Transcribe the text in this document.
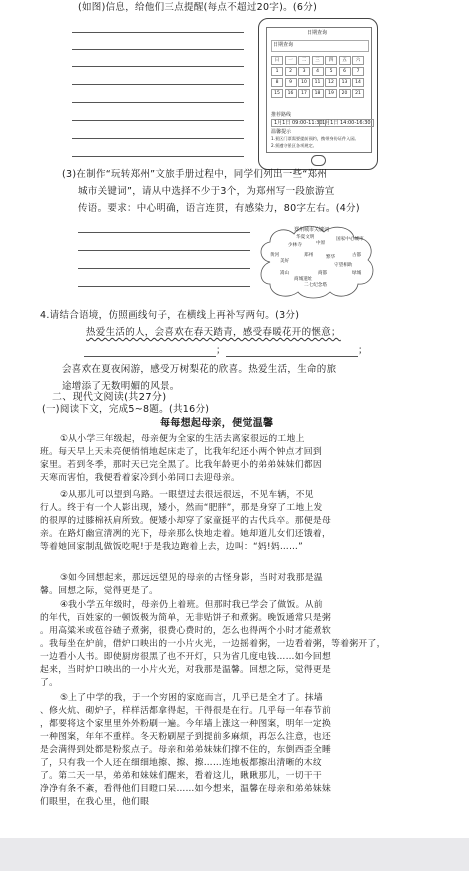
(如图)信息，给他们三点提醒(每点不超过20字)。(6分)
日期查询
日期查询
日	一	二	三	四	五	六
1	2	3	4	5	6	7
8	9	10	11	12	13	14
15	16	17	18	19	20	21
推荐路线
1月1日 09:00-11:30 1月1日 14:00-16:30
温馨提示
1.景区门票需要提前预约，携带身份证件入园。
2.须遵守景区各项规定。
(3)在制作“玩转郑州”文旅手册过程中，同学们列出一些“郑州
城市关键词”，请从中选择不少于3个，为郑州写一段旅游宣
传语。要求：中心明确，语言连贯，有感染力，80字左右。(4分)
郑州城市关键词
中原
黄河
商都
少林寺
繁华
嵩山
郑州
二七纪念塔
华夏文明	国家中心城市
守望相助
美好
商城遗址
古都
绿城
4.请结合语境，仿照画线句子，在横线上再补写两句。(3分)
热爱生活的人，会喜欢在春天踏青，感受春暖花开的惬意；
；	；
会喜欢在夏夜闲游，感受万树梨花的欣喜。热爱生活，生命的旅
途增添了无数明媚的风景。
二、现代文阅读(共27分)
(一)阅读下文，完成5~8题。(共16分)
每每想起母亲，便觉温馨
①从小学三年级起，母亲便为全家的生活去离家很远的工地上
班。每天早上天未亮便悄悄地起床走了，比我年纪还小两个钟点才回到
家里。若到冬季，那时天已完全黑了。比我年龄更小的弟弟妹妹们都因
天寒而害怕，我便看着家冷到小弟同口去迎母亲。
②从那儿可以望到乌路。一眼望过去很远很远，不见车辆，不见
行人。终于有一个人影出现，矮小，然而“肥胖”，那是身穿了工地上发
的很厚的过膝棉袄肩所致。便矮小却穿了家童挺平的古代兵卒。那便是母
亲。在路灯幽宣清冽的光下，母亲那么快地走着。她却道儿女们还饿着，
等着她回家制乱做饭吃呢!于是我边跑着上去，边叫：“妈!妈……”
③如今回想起来，那远远望见的母亲的古怪身影，当时对我那是温
馨。回想之际，觉得更是了。
④我小学五年级时，母亲仍上着班。但那时我已学会了做饭。从前
的年代，百姓家的一顿饭极为简单，无非贴饼子和煮粥。晚饭通常只是粥
。用高粱米或苞谷碴子煮粥，很费心费时的，怎么也得两个小时才能煮软
。我每坐在炉前，借炉口映出的一小片火光，一边摇着粥，一边看着粥，等着粥开了，
一边看小人书。即使厨房很黑了也不开灯，只为省几度电钱……如今回想
起来，当时炉口映出的一小片火光，对我那是温馨。回想之际，觉得更是
了。
⑤上了中学的我，于一个穷困的家庭而言，几乎已是全才了。抹墙
、修火炕、砌炉子，样样活都拿得起，干得很是在行。几乎每一年春节前
，都要将这个家里里外外粉刷一遍。今年墙上涨这一种图案，明年一定换
一种图案，年年不重样。冬天粉刷屋子到提前多麻烦，再怎么注意，也还
是会满得到处都是粉浆点子。母亲和弟弟妹妹们撑不住的，东倒西歪全睡
了，只有我一个人还在细细地擦、擦、擦……连地板都擦出清晰的木纹
了。第二天一早，弟弟和妹妹们醒来，看着这儿，瞅瞅那儿，一切干干
净净有条不紊，看得他们目瞪口呆……如今想来，温馨在母亲和弟弟妹妹
们眼里，在我心里，他们眼
